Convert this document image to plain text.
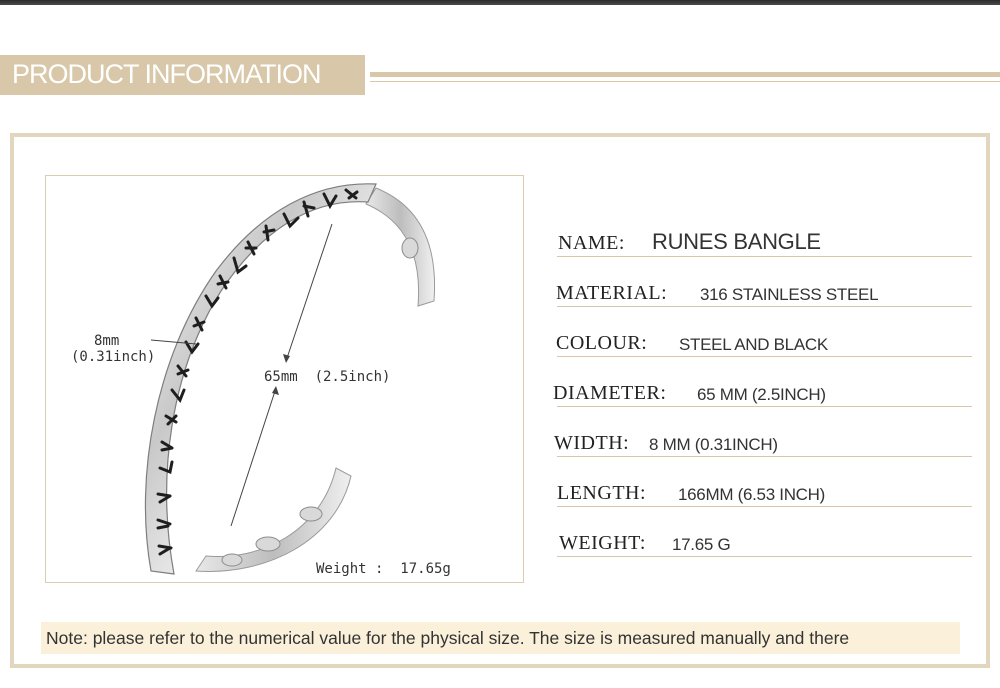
PRODUCT INFORMATION
8mm
(0.31inch)
65mm  (2.5inch)
Weight :  17.65g
NAME: RUNES BANGLE
MATERIAL: 316 STAINLESS STEEL
COLOUR: STEEL AND BLACK
DIAMETER: 65 MM (2.5INCH)
WIDTH: 8 MM (0.31INCH)
LENGTH: 166MM (6.53 INCH)
WEIGHT: 17.65 G
Note: please refer to the numerical value for the physical size. The size is measured manually and there
